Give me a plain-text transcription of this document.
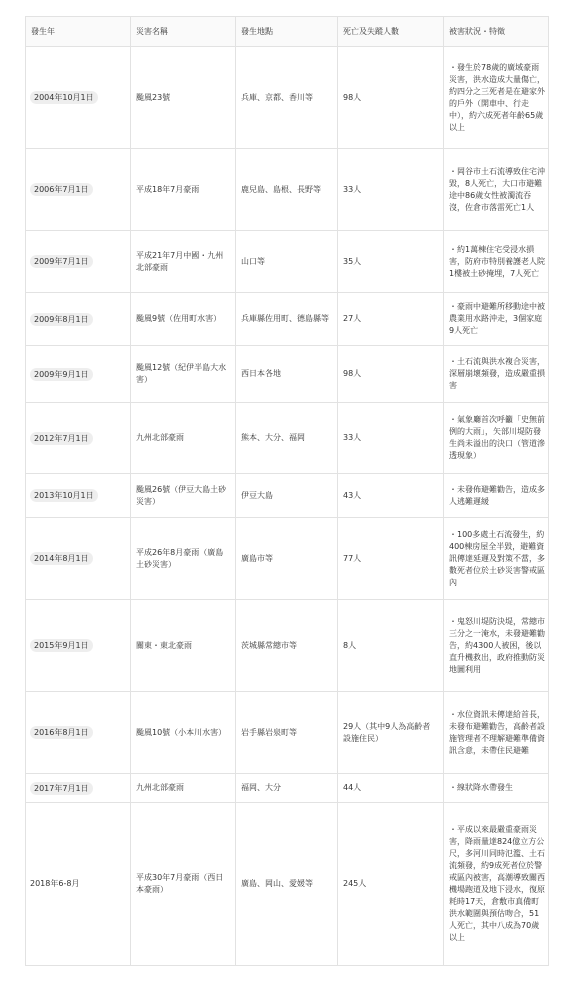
發生年	災害名稱	發生地點	死亡及失蹤人數	被害狀況・特徵
2004年10月1日	颱風23號	兵庫、京都、香川等	98人	・發生於78歲的廣域豪雨災害，洪水造成大量傷亡，約四分之三死者是在避家外的戶外（開車中、行走中），約六成死者年齡65歲以上
2006年7月1日	平成18年7月豪雨	鹿兒島、島根、長野等	33人	・岡谷市土石流導致住宅沖毀，8人死亡，大口市避難途中86歲女性被濁流吞沒，佐倉市落雷死亡1人
2009年7月1日	平成21年7月中國・九州北部豪雨	山口等	35人	・約1萬棟住宅受浸水損害，防府市特別養護老人院1樓被土砂掩埋，7人死亡
2009年8月1日	颱風9號（佐用町水害）	兵庫縣佐用町、德島縣等	27人	・豪雨中避難所移動途中被農業用水路沖走，3個家庭9人死亡
2009年9月1日	颱風12號（紀伊半島大水害）	西日本各地	98人	・土石流與洪水複合災害，深層崩壞頻發，造成嚴重損害
2012年7月1日	九州北部豪雨	熊本、大分、福岡	33人	・氣象廳首次呼籲「史無前例的大雨」，矢部川堤防發生尚未溢出的決口（管道滲透現象）
2013年10月1日	颱風26號（伊豆大島土砂災害）	伊豆大島	43人	・未發佈避難勸告，造成多人逃難遲緩
2014年8月1日	平成26年8月豪雨（廣島土砂災害）	廣島市等	77人	・100多處土石流發生，約400棟房屋全半毀，避難資訊傳達延遲及對策不當，多數死者位於土砂災害警戒區內
2015年9月1日	關東・東北豪雨	茨城縣常總市等	8人	・鬼怒川堤防決堤，常總市三分之一淹水，未發避難勸告，約4300人被困，後以直升機救出，政府推動防災地圖利用
2016年8月1日	颱風10號（小本川水害）	岩手縣岩泉町等	29人（其中9人為高齡者設施住民）	・水位資訊未傳達給首長，未發布避難勸告，高齡者設施管理者不理解避難準備資訊含意，未帶住民避難
2017年7月1日	九州北部豪雨	福岡、大分	44人	・線狀降水帶發生
2018年6-8月	平成30年7月豪雨（西日本豪雨）	廣島、岡山、愛媛等	245人	・平成以來最嚴重豪雨災害，降雨量達824億立方公尺，多河川同時氾濫、土石流頻發，約9成死者位於警戒區內被害，高潮導致關西機場跑道及地下浸水，復原耗時17天，倉敷市真備町洪水範圍與預估吻合，51人死亡，其中八成為70歲以上
